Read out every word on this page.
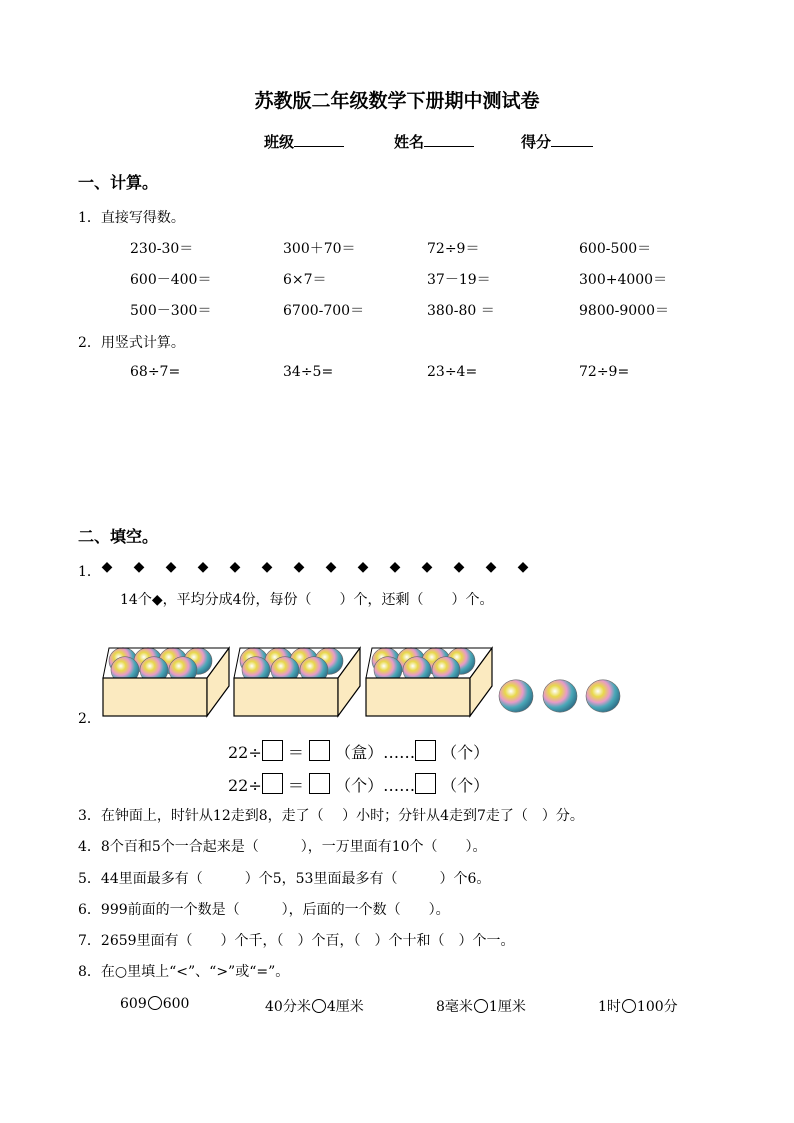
苏教版二年级数学下册期中测试卷
班级	姓名	得分
一、计算。
1．直接写得数。
230-30＝	300＋70＝	72÷9＝	600-500＝
600－400＝	6×7＝	37－19＝	300+4000＝
500－300＝	6700-700＝	380-80 ＝	9800-9000＝
2．用竖式计算。
68÷7=	34÷5=	23÷4=	72÷9=
二、填空。
1． ◆ ◆ ◆ ◆ ◆ ◆ ◆ ◆ ◆ ◆ ◆ ◆ ◆ ◆
14个◆，平均分成4份，每份（　　）个，还剩（　　）个。
2．
22÷ ＝ （盒）…… （个）
22÷ ＝ （个）…… （个）
3．在钟面上，时针从12走到8，走了（　 ）小时；分针从4走到7走了（　）分。
4．8个百和5个一合起来是（　　　），一万里面有10个（　　）。
5．44里面最多有（　　　）个5，53里面最多有（　　　）个6。
6．999前面的一个数是（　　　），后面的一个数（　　）。
7．2659里面有（　　）个千，（　）个百，（　）个十和（　）个一。
8．在○里填上“<”、“>”或“=”。
609 600	40分米 4厘米	8毫米 1厘米	1时 100分
